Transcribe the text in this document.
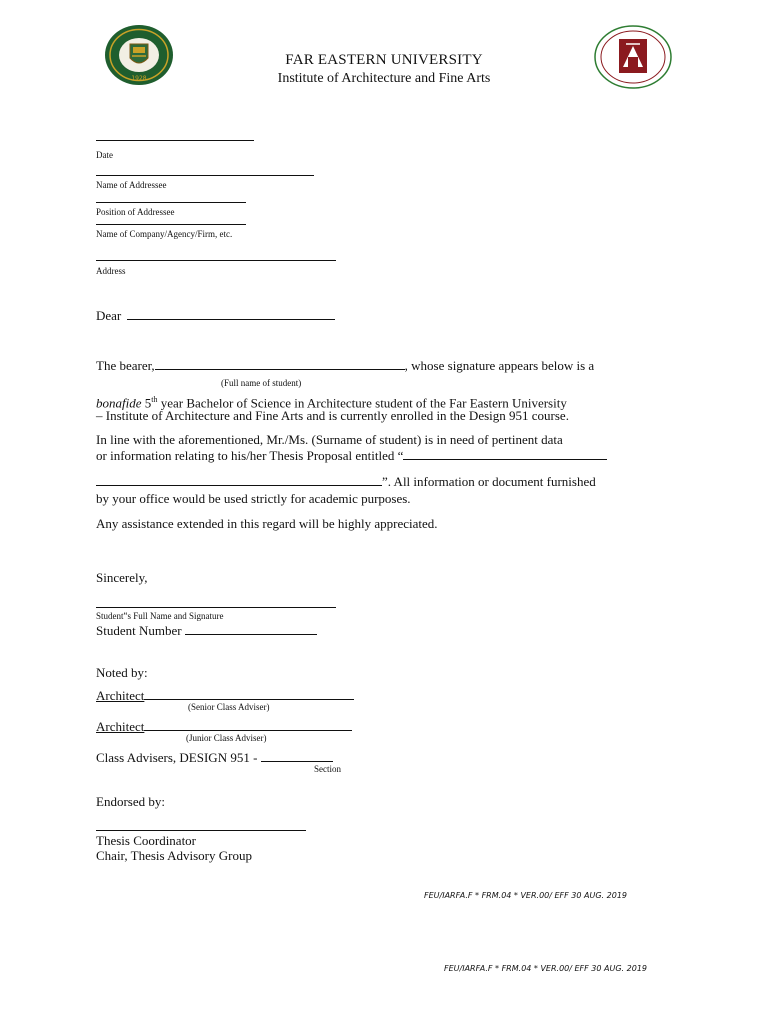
1928
FAR EASTERN UNIVERSITY
Institute of Architecture and Fine Arts
Date
Name of Addressee
Position of Addressee
Name of Company/Agency/Firm, etc.
Address
Dear
The bearer,	, whose signature appears below is a
(Full name of student)
bonafide 5th year Bachelor of Science in Architecture student of the Far Eastern University
– Institute of Architecture and Fine Arts and is currently enrolled in the Design 951 course.
In line with the aforementioned, Mr./Ms. (Surname of student) is in need of pertinent data
or information relating to his/her Thesis Proposal entitled “
”. All information or document furnished
by your office would be used strictly for academic purposes.
Any assistance extended in this regard will be highly appreciated.
Sincerely,
Student‟s Full Name and Signature
Student Number
Noted by:
Architect
(Senior Class Adviser)
Architect
(Junior Class Adviser)
Class Advisers, DESIGN 951 -
Section
Endorsed by:
Thesis Coordinator
Chair, Thesis Advisory Group
FEU/IARFA.F * FRM.04 * VER.00/ EFF 30 AUG. 2019
FEU/IARFA.F * FRM.04 * VER.00/ EFF 30 AUG. 2019
